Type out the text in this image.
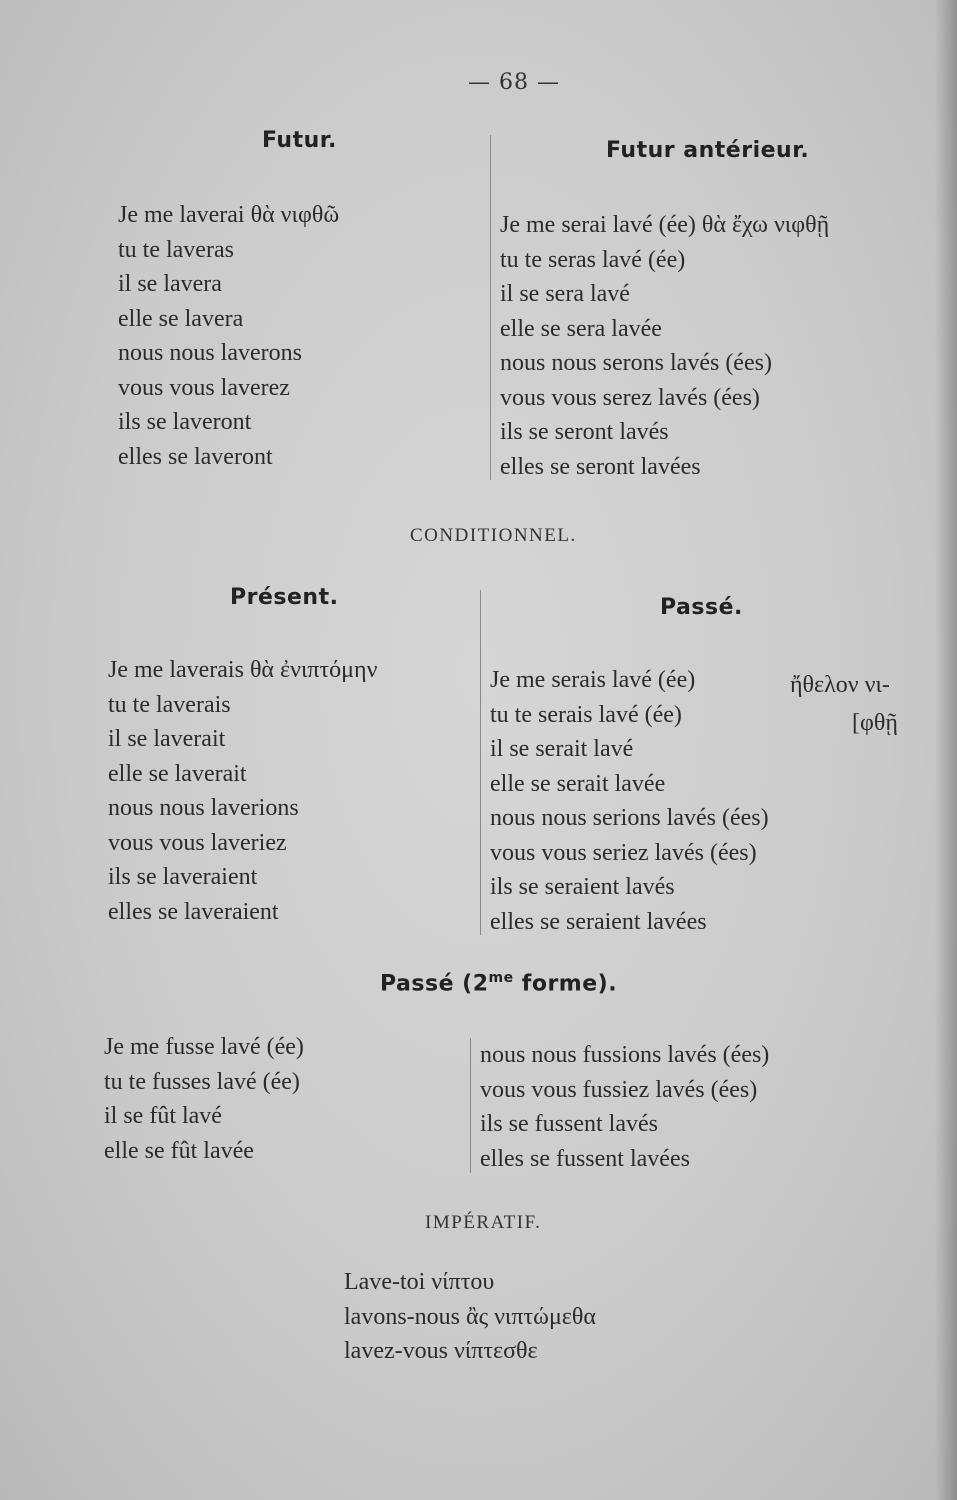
— 68 —
Futur.
Je me laverai θὰ νιφθῶ
tu te laveras
il se lavera
elle se lavera
nous nous laverons
vous vous laverez
ils se laveront
elles se laveront
Futur antérieur.
Je me serai lavé (ée) θὰ ἔχω νιφθῇ
tu te seras lavé (ée)
il se sera lavé
elle se sera lavée
nous nous serons lavés (ées)
vous vous serez lavés (ées)
ils se seront lavés
elles se seront lavées
CONDITIONNEL.
Présent.
Je me laverais θὰ ἐνιπτόμην
tu te laverais
il se laverait
elle se laverait
nous nous laverions
vous vous laveriez
ils se laveraient
elles se laveraient
Passé.
Je me serais lavé (ée)
tu te serais lavé (ée)
il se serait lavé
elle se serait lavée
nous nous serions lavés (ées)
vous vous seriez lavés (ées)
ils se seraient lavés
elles se seraient lavées
ἤθελον νι-
[φθῇ
Passé ($2^{me}$ forme).
Je me fusse lavé (ée)
tu te fusses lavé (ée)
il se fût lavé
elle se fût lavée
nous nous fussions lavés (ées)
vous vous fussiez lavés (ées)
ils se fussent lavés
elles se fussent lavées
IMPÉRATIF.
Lave-toi νίπτου
lavons-nous ἂς νιπτώμεθα
lavez-vous νίπτεσθε
